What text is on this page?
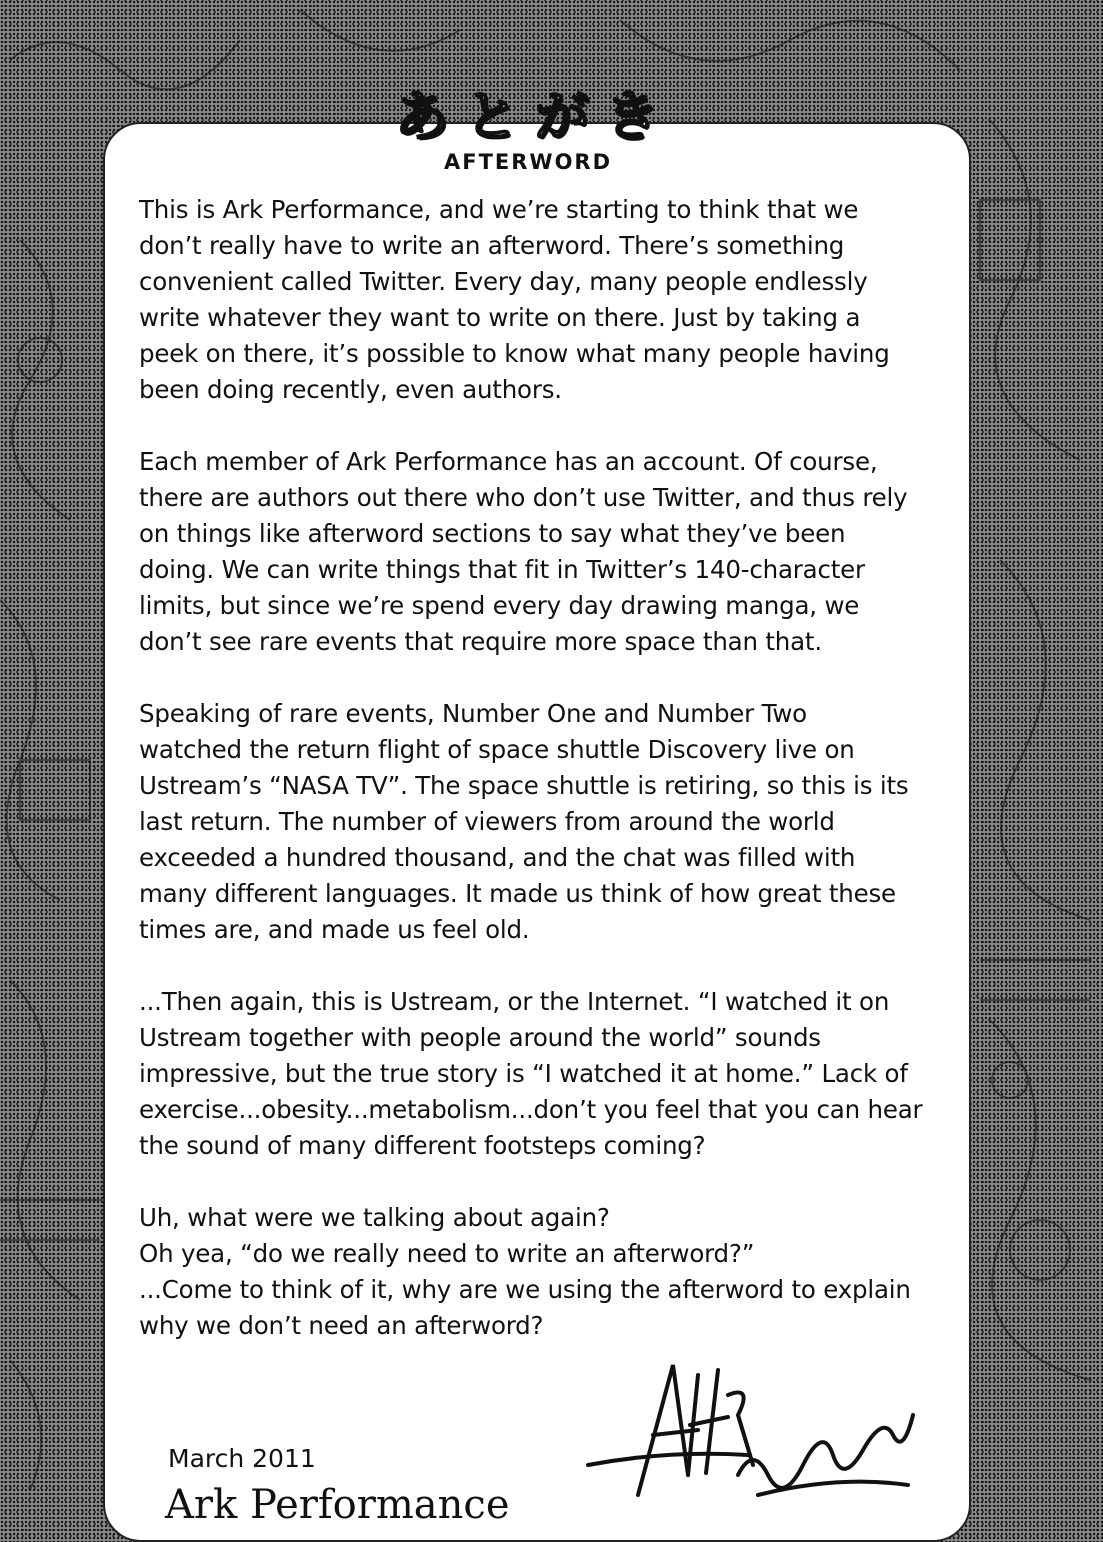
あとがき
AFTERWORD

This is Ark Performance, and we’re starting to think that we
don’t really have to write an afterword. There’s something
convenient called Twitter. Every day, many people endlessly
write whatever they want to write on there. Just by taking a
peek on there, it’s possible to know what many people having
been doing recently, even authors.

Each member of Ark Performance has an account. Of course,
there are authors out there who don’t use Twitter, and thus rely
on things like afterword sections to say what they’ve been
doing. We can write things that fit in Twitter’s 140-character
limits, but since we’re spend every day drawing manga, we
don’t see rare events that require more space than that.

Speaking of rare events, Number One and Number Two
watched the return flight of space shuttle Discovery live on
Ustream’s “NASA TV”. The space shuttle is retiring, so this is its
last return. The number of viewers from around the world
exceeded a hundred thousand, and the chat was filled with
many different languages. It made us think of how great these
times are, and made us feel old.

...Then again, this is Ustream, or the Internet. “I watched it on
Ustream together with people around the world” sounds
impressive, but the true story is “I watched it at home.” Lack of
exercise...obesity...metabolism...don’t you feel that you can hear
the sound of many different footsteps coming?

Uh, what were we talking about again?
Oh yea, “do we really need to write an afterword?”
...Come to think of it, why are we using the afterword to explain
why we don’t need an afterword?

March 2011
Ark Performance
